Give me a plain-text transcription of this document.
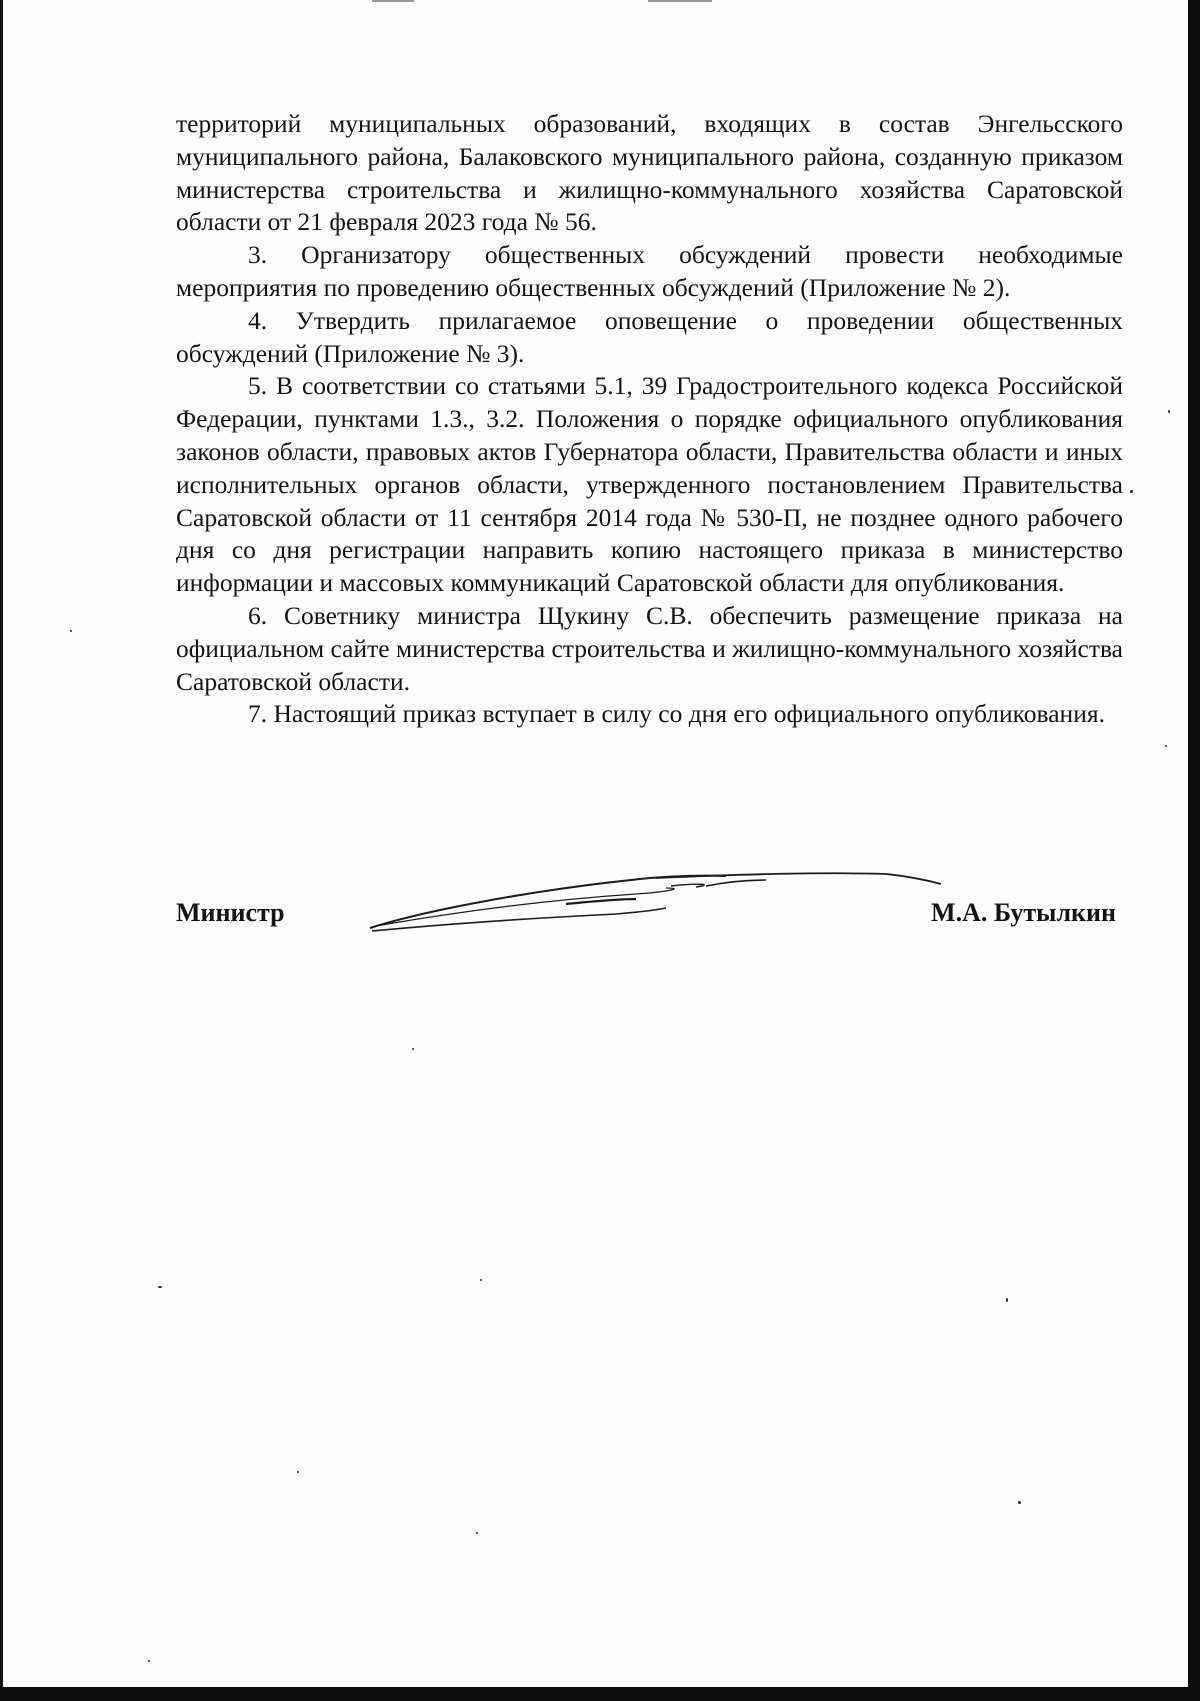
территорий муниципальных образований, входящих в состав Энгельсского муниципального района, Балаковского муниципального района, созданную приказом министерства строительства и жилищно-коммунального хозяйства Саратовской области от 21 февраля 2023 года № 56.

3. Организатору общественных обсуждений провести необходимые мероприятия по проведению общественных обсуждений (Приложение № 2).

4. Утвердить прилагаемое оповещение о проведении общественных обсуждений (Приложение № 3).

5. В соответствии со статьями 5.1, 39 Градостроительного кодекса Российской Федерации, пунктами 1.3., 3.2. Положения о порядке официального опубликования законов области, правовых актов Губернатора области, Правительства области и иных исполнительных органов области, утвержденного постановлением Правительства Саратовской области от 11 сентября 2014 года № 530-П, не позднее одного рабочего дня со дня регистрации направить копию настоящего приказа в министерство информации и массовых коммуникаций Саратовской области для опубликования.

6. Советнику министра Щукину С.В. обеспечить размещение приказа на официальном сайте министерства строительства и жилищно-коммунального хозяйства Саратовской области.

7. Настоящий приказ вступает в силу со дня его официального опубликования.

Министр	М.А. Бутылкин
